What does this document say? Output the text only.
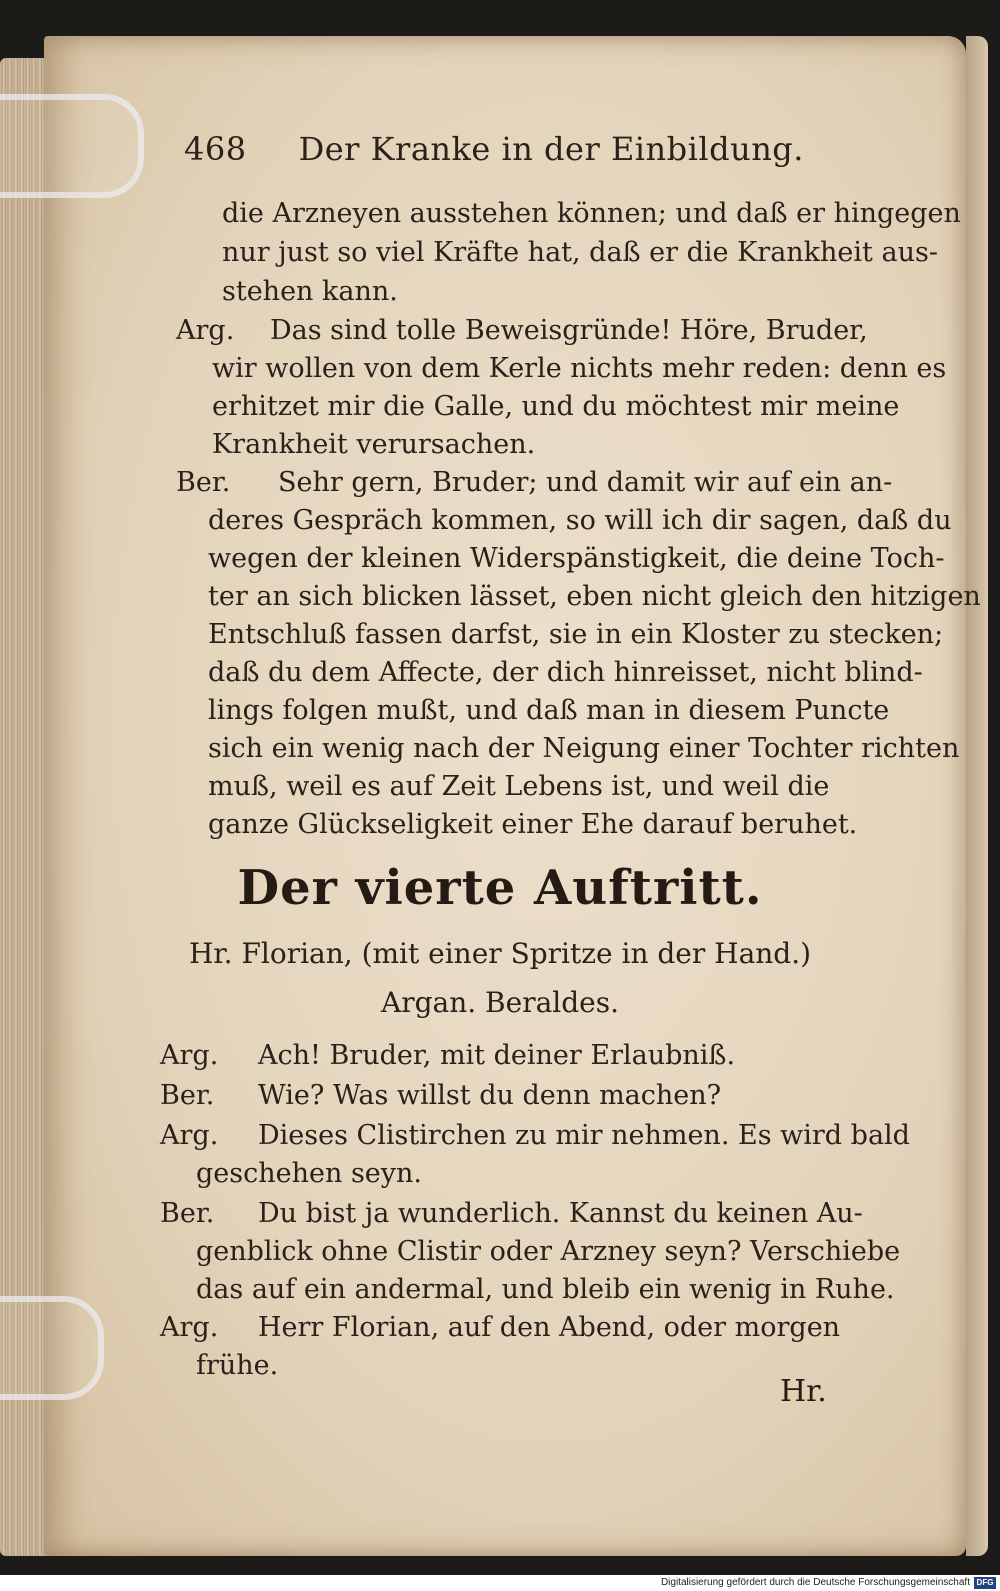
468 Der Kranke in der Einbildung.
die Arzneyen ausstehen können; und daß er hingegen
nur just so viel Kräfte hat, daß er die Krankheit aus-
stehen kann.
Arg. Das sind tolle Beweisgründe! Höre, Bruder,
wir wollen von dem Kerle nichts mehr reden: denn es
erhitzet mir die Galle, und du möchtest mir meine
Krankheit verursachen.
Ber. Sehr gern, Bruder; und damit wir auf ein an-
deres Gespräch kommen, so will ich dir sagen, daß du
wegen der kleinen Widerspänstigkeit, die deine Toch-
ter an sich blicken lässet, eben nicht gleich den hitzigen
Entschluß fassen darfst, sie in ein Kloster zu stecken;
daß du dem Affecte, der dich hinreisset, nicht blind-
lings folgen mußt, und daß man in diesem Puncte
sich ein wenig nach der Neigung einer Tochter richten
muß, weil es auf Zeit Lebens ist, und weil die
ganze Glückseligkeit einer Ehe darauf beruhet.
Der vierte Auftritt.
Hr. Florian, (mit einer Spritze in der Hand.)
Argan. Beraldes.
Arg. Ach! Bruder, mit deiner Erlaubniß.
Ber. Wie? Was willst du denn machen?
Arg. Dieses Clistirchen zu mir nehmen. Es wird bald
geschehen seyn.
Ber. Du bist ja wunderlich. Kannst du keinen Au-
genblick ohne Clistir oder Arzney seyn? Verschiebe
das auf ein andermal, und bleib ein wenig in Ruhe.
Arg. Herr Florian, auf den Abend, oder morgen
frühe.
Hr.
Digitalisierung gefördert durch die Deutsche Forschungsgemeinschaft DFG
